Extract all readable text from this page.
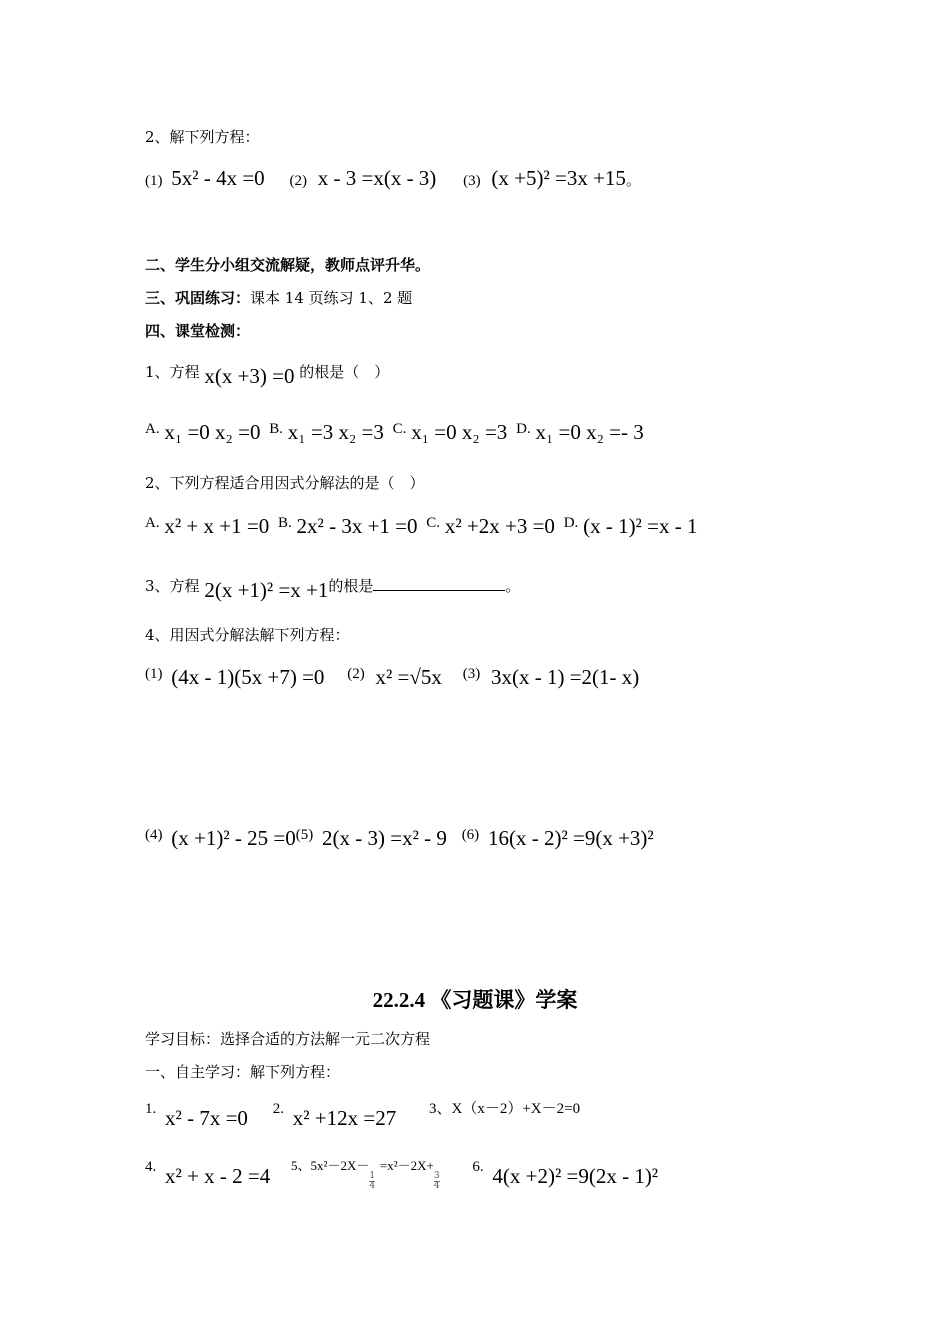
2、解下列方程：
(1) 5x² - 4x =0 (2) x - 3 =x(x - 3) (3) (x +5)² =3x +15。
二、学生分小组交流解疑，教师点评升华。
三、巩固练习：课本 14 页练习 1、2 题
四、课堂检测：
1、方程 x(x +3) =0 的根是（　）
A. x₁ =0 x₂ =0 B. x₁ =3 x₂ =3 C. x₁ =0 x₂ =3 D. x₁ =0 x₂ =- 3
2、下列方程适合用因式分解法的是（　）
A. x² + x +1 =0 B. 2x² - 3x +1 =0 C. x² +2x +3 =0 D. (x - 1)² =x - 1
3、方程 2(x +1)² =x +1的根是	。
4、用因式分解法解下列方程：
(1) (4x - 1)(5x +7) =0 (2) x² =√5x (3) 3x(x - 1) =2(1- x)
(4) (x +1)² - 25 =0(5) 2(x - 3) =x² - 9 (6) 16(x - 2)² =9(x +3)²
22.2.4 《习题课》学案
学习目标：选择合适的方法解一元二次方程
一、自主学习：解下列方程：
1. x² - 7x =0 2. x² +12x =27 3、X（x－2）+X－2=0
4. x² + x - 2 =4 5、5x²－2X－
$\frac{1}{4}$
=x²－2X+
$\frac{3}{4}$
6. 4(x +2)² =9(2x - 1)²
